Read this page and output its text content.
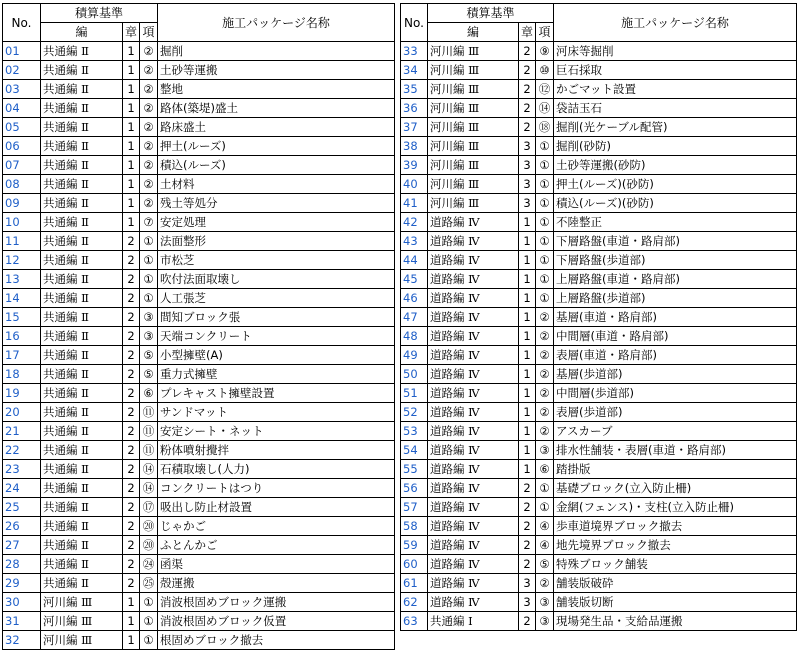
No.	積算基準			施工パッケージ名称
	編	章	項	
01	共通編 Ⅱ	1	②	掘削
02	共通編 Ⅱ	1	②	土砂等運搬
03	共通編 Ⅱ	1	②	整地
04	共通編 Ⅱ	1	②	路体(築堤)盛土
05	共通編 Ⅱ	1	②	路床盛土
06	共通編 Ⅱ	1	②	押土(ルーズ)
07	共通編 Ⅱ	1	②	積込(ルーズ)
08	共通編 Ⅱ	1	②	土材料
09	共通編 Ⅱ	1	②	残土等処分
10	共通編 Ⅱ	1	⑦	安定処理
11	共通編 Ⅱ	2	①	法面整形
12	共通編 Ⅱ	2	①	市松芝
13	共通編 Ⅱ	2	①	吹付法面取壊し
14	共通編 Ⅱ	2	①	人工張芝
15	共通編 Ⅱ	2	③	間知ブロック張
16	共通編 Ⅱ	2	③	天端コンクリート
17	共通編 Ⅱ	2	⑤	小型擁壁(A)
18	共通編 Ⅱ	2	⑤	重力式擁壁
19	共通編 Ⅱ	2	⑥	プレキャスト擁壁設置
20	共通編 Ⅱ	2	⑪	サンドマット
21	共通編 Ⅱ	2	⑪	安定シート・ネット
22	共通編 Ⅱ	2	⑪	粉体噴射攪拌
23	共通編 Ⅱ	2	⑭	石積取壊し(人力)
24	共通編 Ⅱ	2	⑭	コンクリートはつり
25	共通編 Ⅱ	2	⑰	吸出し防止材設置
26	共通編 Ⅱ	2	⑳	じゃかご
27	共通編 Ⅱ	2	⑳	ふとんかご
28	共通編 Ⅱ	2	㉔	函渠
29	共通編 Ⅱ	2	㉕	殻運搬
30	河川編 Ⅲ	1	①	消波根固めブロック運搬
31	河川編 Ⅲ	1	①	消波根固めブロック仮置
32	河川編 Ⅲ	1	①	根固めブロック撤去
No.	積算基準			施工パッケージ名称
	編	章	項	
33	河川編 Ⅲ	2	⑨	河床等掘削
34	河川編 Ⅲ	2	⑩	巨石採取
35	河川編 Ⅲ	2	⑫	かごマット設置
36	河川編 Ⅲ	2	⑭	袋詰玉石
37	河川編 Ⅲ	2	⑱	掘削(光ケーブル配管)
38	河川編 Ⅲ	3	①	掘削(砂防)
39	河川編 Ⅲ	3	①	土砂等運搬(砂防)
40	河川編 Ⅲ	3	①	押土(ルーズ)(砂防)
41	河川編 Ⅲ	3	①	積込(ルーズ)(砂防)
42	道路編 Ⅳ	1	①	不陸整正
43	道路編 Ⅳ	1	①	下層路盤(車道・路肩部)
44	道路編 Ⅳ	1	①	下層路盤(歩道部)
45	道路編 Ⅳ	1	①	上層路盤(車道・路肩部)
46	道路編 Ⅳ	1	①	上層路盤(歩道部)
47	道路編 Ⅳ	1	②	基層(車道・路肩部)
48	道路編 Ⅳ	1	②	中間層(車道・路肩部)
49	道路編 Ⅳ	1	②	表層(車道・路肩部)
50	道路編 Ⅳ	1	②	基層(歩道部)
51	道路編 Ⅳ	1	②	中間層(歩道部)
52	道路編 Ⅳ	1	②	表層(歩道部)
53	道路編 Ⅳ	1	②	アスカーブ
54	道路編 Ⅳ	1	③	排水性舗装・表層(車道・路肩部)
55	道路編 Ⅳ	1	⑥	踏掛版
56	道路編 Ⅳ	2	①	基礎ブロック(立入防止柵)
57	道路編 Ⅳ	2	①	金網(フェンス)・支柱(立入防止柵)
58	道路編 Ⅳ	2	④	歩車道境界ブロック撤去
59	道路編 Ⅳ	2	④	地先境界ブロック撤去
60	道路編 Ⅳ	2	⑤	特殊ブロック舗装
61	道路編 Ⅳ	3	②	舗装版破砕
62	道路編 Ⅳ	3	③	舗装版切断
63	共通編 Ⅰ	2	③	現場発生品・支給品運搬
